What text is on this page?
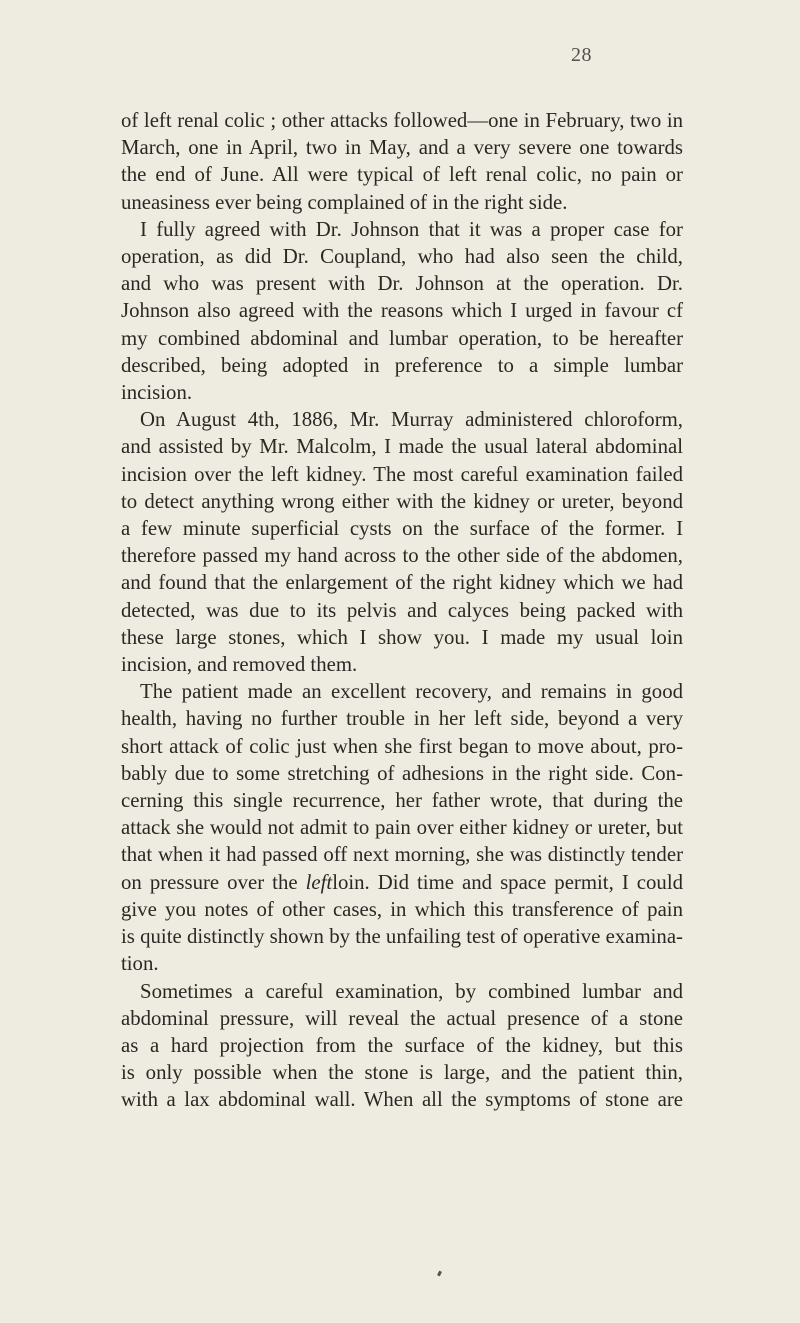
28
of left renal colic ; other attacks followed—one in February, two in
March, one in April, two in May, and a very severe one towards
the end of June. All were typical of left renal colic, no pain or
uneasiness ever being complained of in the right side.
I fully agreed with Dr. Johnson that it was a proper case for
operation, as did Dr. Coupland, who had also seen the child,
and who was present with Dr. Johnson at the operation. Dr.
Johnson also agreed with the reasons which I urged in favour cf
my combined abdominal and lumbar operation, to be hereafter
described, being adopted in preference to a simple lumbar
incision.
On August 4th, 1886, Mr. Murray administered chloroform,
and assisted by Mr. Malcolm, I made the usual lateral abdominal
incision over the left kidney. The most careful examination failed
to detect anything wrong either with the kidney or ureter, beyond
a few minute superficial cysts on the surface of the former. I
therefore passed my hand across to the other side of the abdomen,
and found that the enlargement of the right kidney which we had
detected, was due to its pelvis and calyces being packed with
these large stones, which I show you. I made my usual loin
incision, and removed them.
The patient made an excellent recovery, and remains in good
health, having no further trouble in her left side, beyond a very
short attack of colic just when she first began to move about, pro-
bably due to some stretching of adhesions in the right side. Con-
cerning this single recurrence, her father wrote, that during the
attack she would not admit to pain over either kidney or ureter, but
that when it had passed off next morning, she was distinctly tender
on pressure over the leftloin. Did time and space permit, I could
give you notes of other cases, in which this transference of pain
is quite distinctly shown by the unfailing test of operative examina-
tion.
Sometimes a careful examination, by combined lumbar and
abdominal pressure, will reveal the actual presence of a stone
as a hard projection from the surface of the kidney, but this
is only possible when the stone is large, and the patient thin,
with a lax abdominal wall. When all the symptoms of stone are
